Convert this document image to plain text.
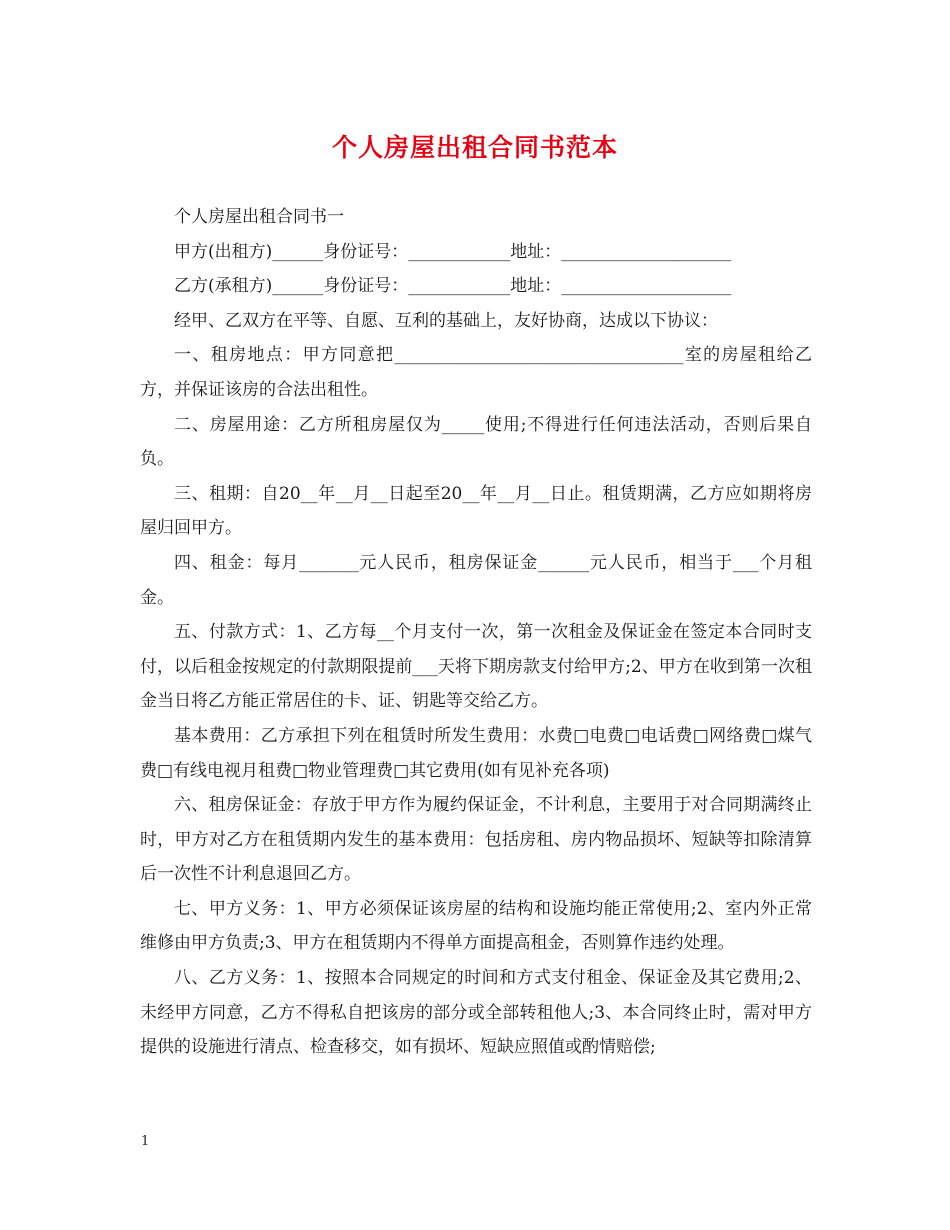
个人房屋出租合同书范本

个人房屋出租合同书一

甲方(出租方)______身份证号：____________地址：____________________

乙方(承租方)______身份证号：____________地址：____________________

经甲、乙双方在平等、自愿、互利的基础上，友好协商，达成以下协议：

一、租房地点：甲方同意把__________________________________室的房屋租给乙方，并保证该房的合法出租性。

二、房屋用途：乙方所租房屋仅为_____使用;不得进行任何违法活动，否则后果自负。

三、租期：自20__年__月__日起至20__年__月__日止。租赁期满，乙方应如期将房屋归回甲方。

四、租金：每月_______元人民币，租房保证金______元人民币，相当于___个月租金。

五、付款方式：1、乙方每__个月支付一次，第一次租金及保证金在签定本合同时支付，以后租金按规定的付款期限提前___天将下期房款支付给甲方;2、甲方在收到第一次租金当日将乙方能正常居住的卡、证、钥匙等交给乙方。

基本费用：乙方承担下列在租赁时所发生费用：水费□电费□电话费□网络费□煤气费□有线电视月租费□物业管理费□其它费用(如有见补充各项)

六、租房保证金：存放于甲方作为履约保证金，不计利息，主要用于对合同期满终止时，甲方对乙方在租赁期内发生的基本费用：包括房租、房内物品损坏、短缺等扣除清算后一次性不计利息退回乙方。

七、甲方义务：1、甲方必须保证该房屋的结构和设施均能正常使用;2、室内外正常维修由甲方负责;3、甲方在租赁期内不得单方面提高租金，否则算作违约处理。

八、乙方义务：1、按照本合同规定的时间和方式支付租金、保证金及其它费用;2、未经甲方同意，乙方不得私自把该房的部分或全部转租他人;3、本合同终止时，需对甲方提供的设施进行清点、检查移交，如有损坏、短缺应照值或酌情赔偿;

1
